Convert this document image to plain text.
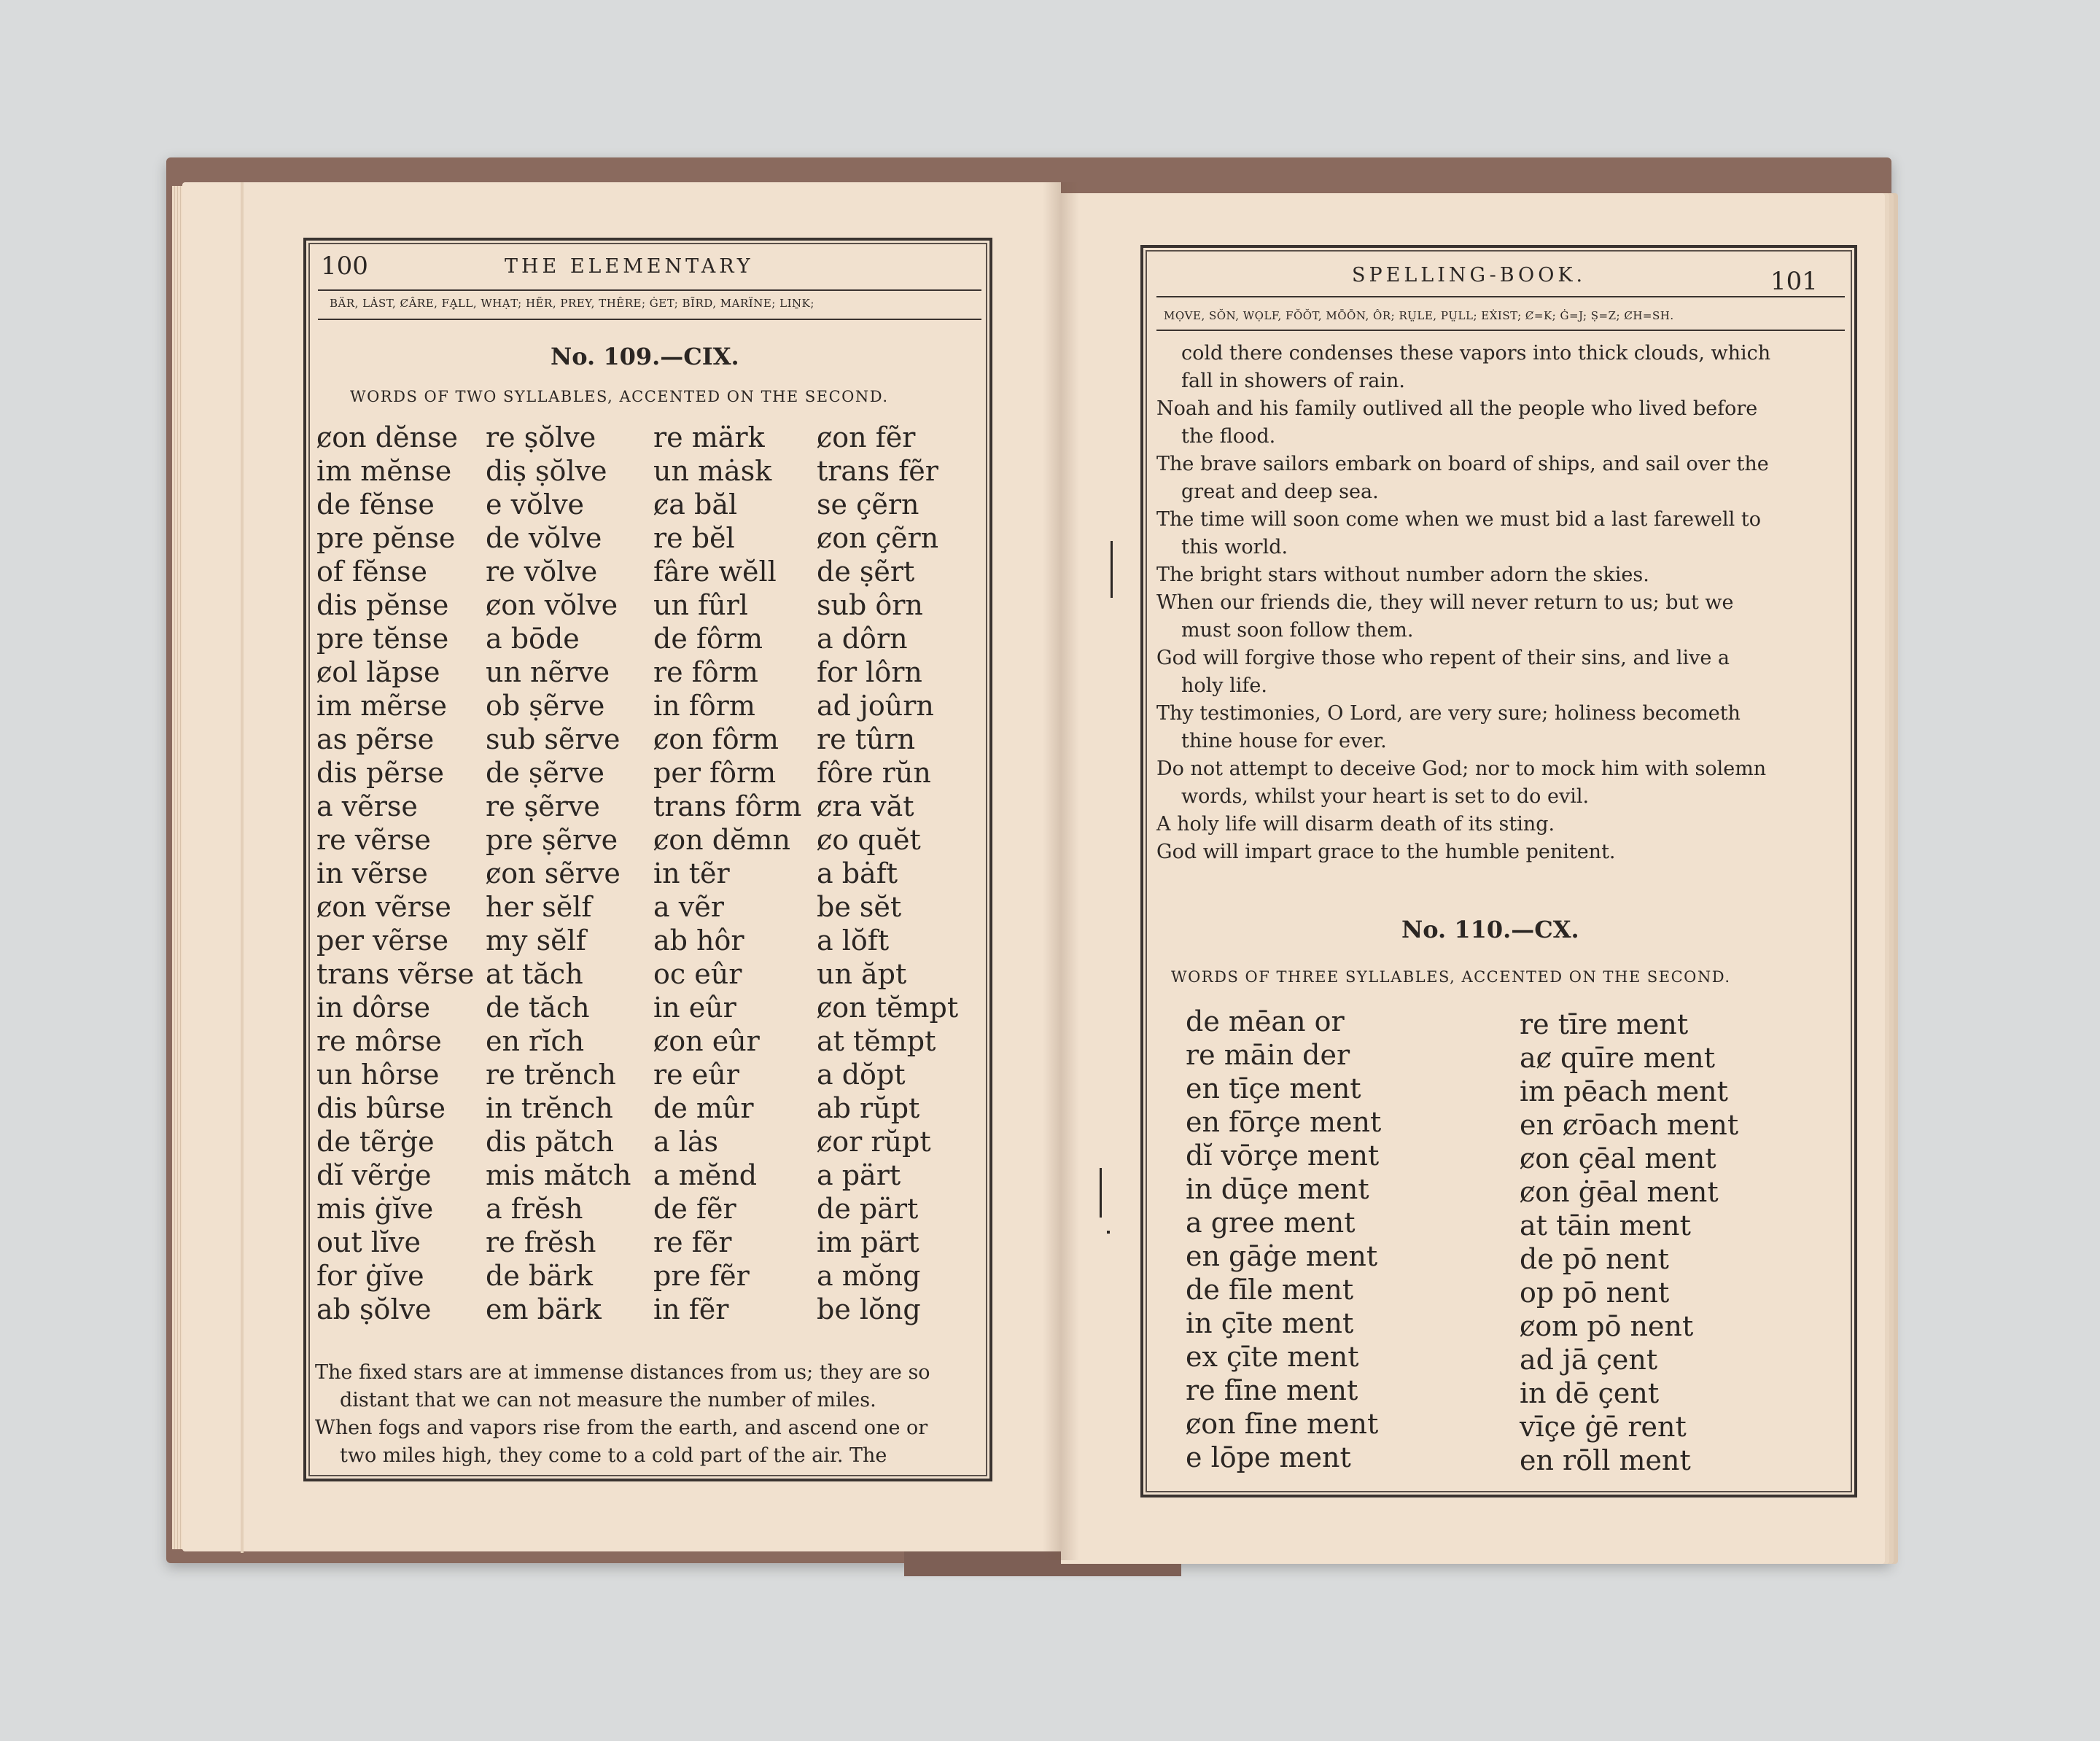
100	THE ELEMENTARY
BÄR, LȦST, ȻÂRE, FḀLL, WHẠT; HẼR, PREY, THÊRE; ĠET; BĨRD, MARÏNE; LIṈK;
No. 109.—CIX.
WORDS OF TWO SYLLABLES, ACCENTED ON THE SECOND.
ȼon dĕnse
im mĕnse
de fĕnse
pre pĕnse
of fĕnse
dis pĕnse
pre tĕnse
ȼol lăpse
im mẽrse
as pẽrse
dis pẽrse
a vẽrse
re vẽrse
in vẽrse
ȼon vẽrse
per vẽrse
trans vẽrse
in dôrse
re môrse
un hôrse
dis bûrse
de tẽrġe
dĭ vẽrġe
mis ġĭve
out lĭve
for ġĭve
ab ṣŏlve
re ṣŏlve
diṣ ṣŏlve
e vŏlve
de vŏlve
re vŏlve
ȼon vŏlve
a bōde
un nẽrve
ob ṣẽrve
sub sẽrve
de ṣẽrve
re ṣẽrve
pre ṣẽrve
ȼon sẽrve
her sĕlf
my sĕlf
at tăch
de tăch
en rĭch
re trĕnch
in trĕnch
dis pătch
mis mătch
a frĕsh
re frĕsh
de bärk
em bärk
re märk
un mȧsk
ȼa băl
re bĕl
fâre wĕll
un fûrl
de fôrm
re fôrm
in fôrm
ȼon fôrm
per fôrm
trans fôrm
ȼon dĕmn
in tẽr
a vẽr
ab hôr
oc eûr
in eûr
ȼon eûr
re eûr
de mûr
a lȧs
a mĕnd
de fẽr
re fẽr
pre fẽr
in fẽr
ȼon fẽr
trans fẽr
se çẽrn
ȼon çẽrn
de ṣẽrt
sub ôrn
a dôrn
for lôrn
ad joûrn
re tûrn
fôre rŭn
ȼra văt
ȼo quĕt
a bȧft
be sĕt
a lŏft
un ăpt
ȼon tĕmpt
at tĕmpt
a dŏpt
ab rŭpt
ȼor rŭpt
a pärt
de pärt
im pärt
a mŏng
be lŏng
The fixed stars are at immense distances from us; they are so
distant that we can not measure the number of miles.
When fogs and vapors rise from the earth, and ascend one or
two miles high, they come to a cold part of the air. The
SPELLING-BOOK.	101
MỌVE, SŎN, WỌLF, FŎŎT, MŌŌN, ÔR; RṲLE, PṲLL; EẊIST; Ȼ=K; Ġ=J; Ṣ=Z; ȻH=SH.
cold there condenses these vapors into thick clouds, which
fall in showers of rain.
Noah and his family outlived all the people who lived before
the flood.
The brave sailors embark on board of ships, and sail over the
great and deep sea.
The time will soon come when we must bid a last farewell to
this world.
The bright stars without number adorn the skies.
When our friends die, they will never return to us; but we
must soon follow them.
God will forgive those who repent of their sins, and live a
holy life.
Thy testimonies, O Lord, are very sure; holiness becometh
thine house for ever.
Do not attempt to deceive God; nor to mock him with solemn
words, whilst your heart is set to do evil.
A holy life will disarm death of its sting.
God will impart grace to the humble penitent.
No. 110.—CX.
WORDS OF THREE SYLLABLES, ACCENTED ON THE SECOND.
de mēan or
re māin der
en tīçe ment
en fōrçe ment
dĭ vōrçe ment
in dūçe ment
a gree ment
en gāġe ment
de fīle ment
in çīte ment
ex çīte ment
re fīne ment
ȼon fīne ment
e lōpe ment
re tīre ment
aȼ quīre ment
im pēach ment
en ȼrōach ment
ȼon çēal ment
ȼon ġēal ment
at tāin ment
de pō nent
op pō nent
ȼom pō nent
ad jā çent
in dē çent
vīçe ġē rent
en rōll ment
